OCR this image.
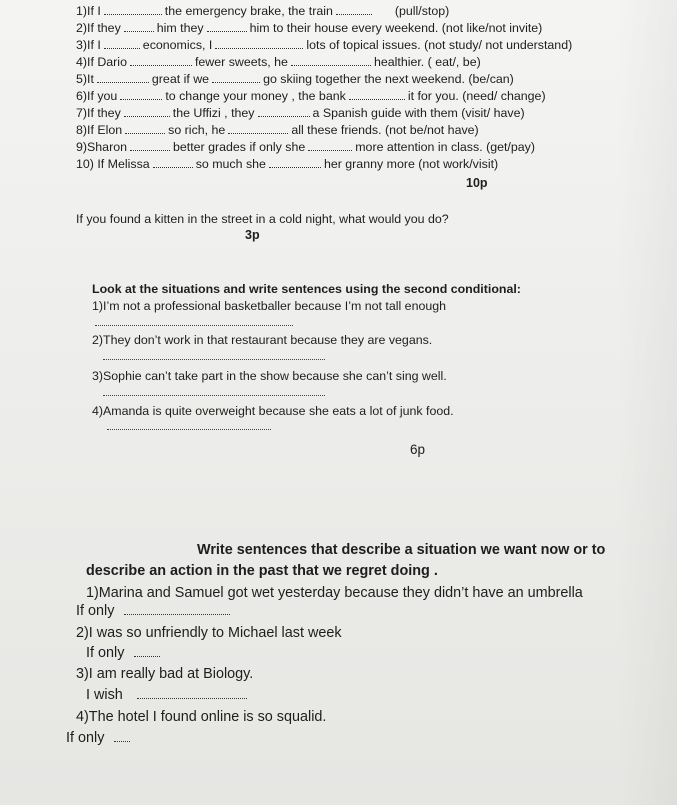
1)If I	the emergency brake, the train	(pull/stop)
2)If they	him they	him to their house every weekend. (not like/not invite)
3)If I	economics, I	lots of topical issues. (not study/ not understand)
4)If Dario	fewer sweets, he	healthier. ( eat/, be)
5)It	great if we	go skiing together the next weekend. (be/can)
6)If you	to change your money , the bank	it for you. (need/ change)
7)If they	the Uffizi , they	a Spanish guide with them (visit/ have)
8)If Elon	so rich, he	all these friends. (not be/not have)
9)Sharon	better grades if only she	more attention in class. (get/pay)
10) If Melissa	so much she	her granny more (not work/visit)
10p
If you found a kitten in the street in a cold night, what would you do?
3p
Look at the situations and write sentences using the second conditional:
1)I’m not a professional basketballer because I’m not tall enough
2)They don’t work in that restaurant because they are vegans.
3)Sophie can’t take part in the show because she can’t sing well.
4)Amanda is quite overweight because she eats a lot of junk food.
6p
Write sentences that describe a situation we want now or to
describe an action in the past that we regret doing .
1)Marina and Samuel got wet yesterday because they didn’t have an umbrella
If only
2)I was so unfriendly to Michael last week
If only
3)I am really bad at Biology.
I wish
4)The hotel I found online is so squalid.
If only
